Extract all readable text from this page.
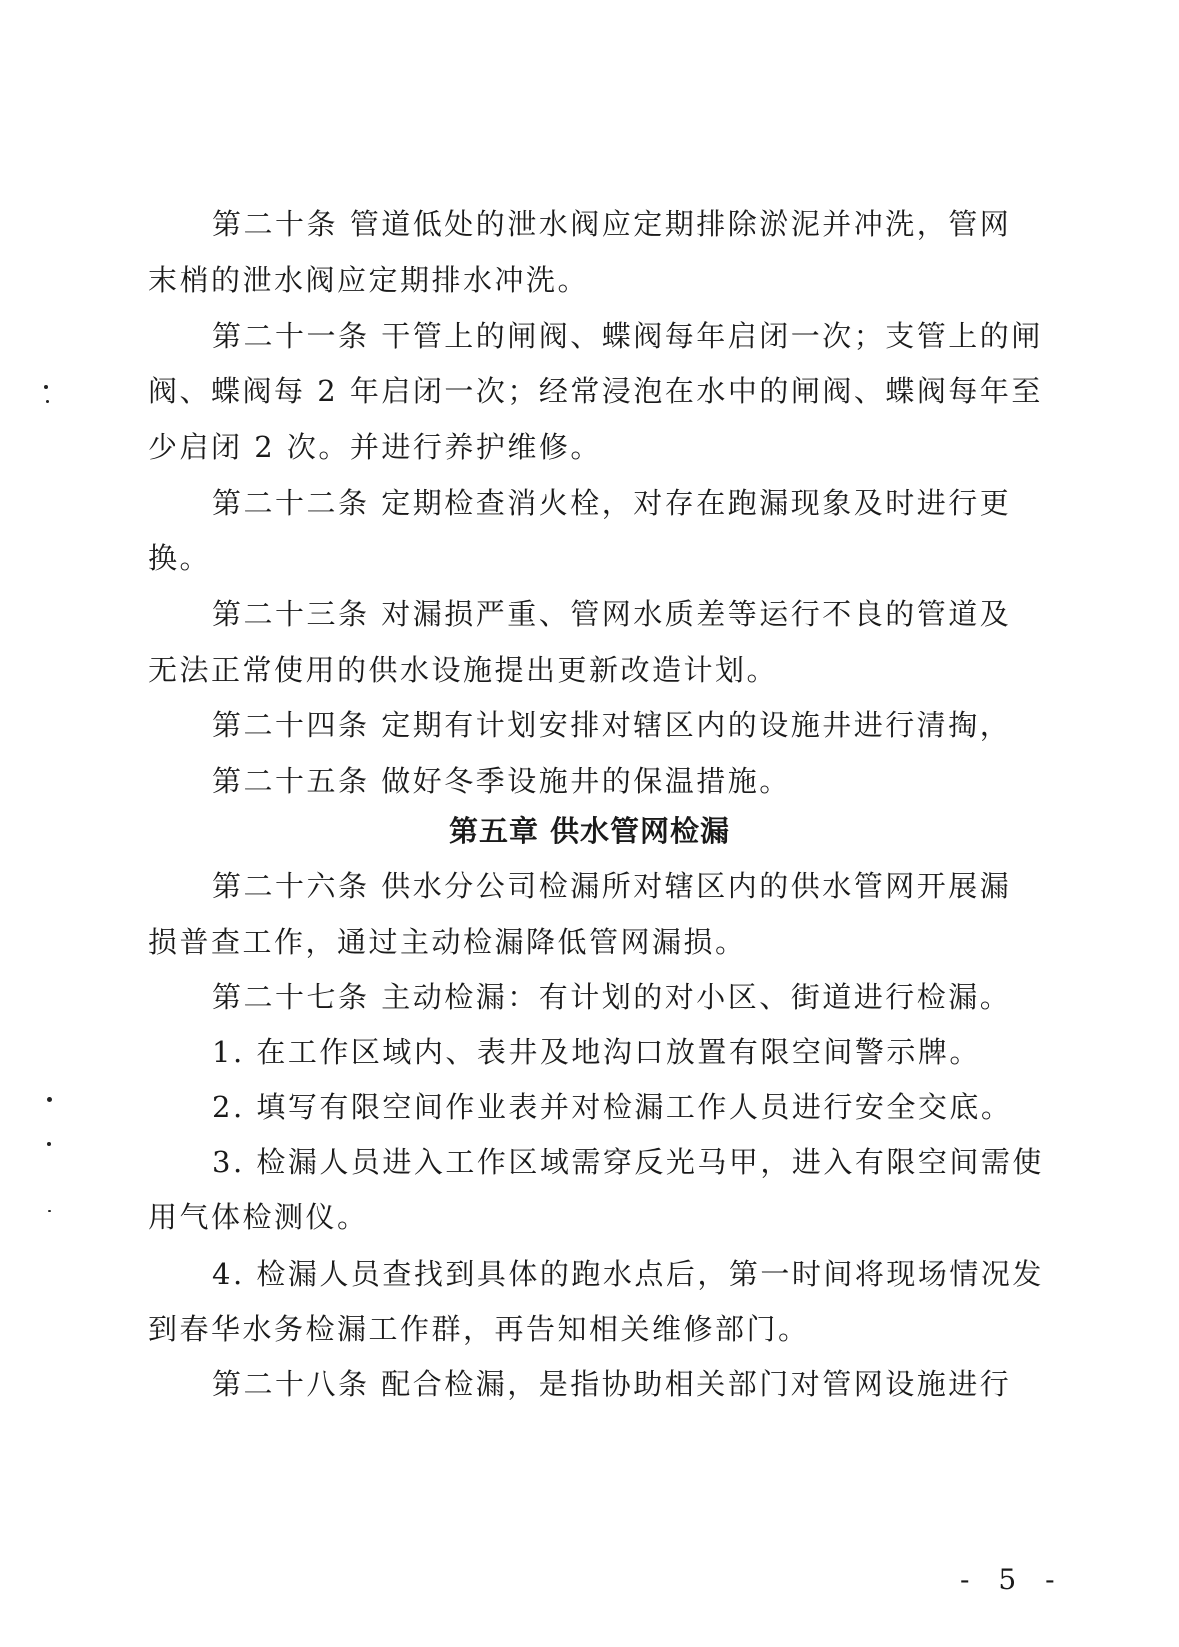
第二十条 管道低处的泄水阀应定期排除淤泥并冲洗，管网
末梢的泄水阀应定期排水冲洗。
第二十一条 干管上的闸阀、蝶阀每年启闭一次；支管上的闸
阀、蝶阀每 2 年启闭一次；经常浸泡在水中的闸阀、蝶阀每年至
少启闭 2 次。并进行养护维修。
第二十二条 定期检查消火栓，对存在跑漏现象及时进行更
换。
第二十三条 对漏损严重、管网水质差等运行不良的管道及
无法正常使用的供水设施提出更新改造计划。
第二十四条 定期有计划安排对辖区内的设施井进行清掏，
第二十五条 做好冬季设施井的保温措施。
第五章 供水管网检漏
第二十六条 供水分公司检漏所对辖区内的供水管网开展漏
损普查工作，通过主动检漏降低管网漏损。
第二十七条 主动检漏：有计划的对小区、街道进行检漏。
1. 在工作区域内、表井及地沟口放置有限空间警示牌。
2. 填写有限空间作业表并对检漏工作人员进行安全交底。
3. 检漏人员进入工作区域需穿反光马甲，进入有限空间需使
用气体检测仪。
4. 检漏人员查找到具体的跑水点后，第一时间将现场情况发
到春华水务检漏工作群，再告知相关维修部门。
第二十八条 配合检漏，是指协助相关部门对管网设施进行
- 5 -
